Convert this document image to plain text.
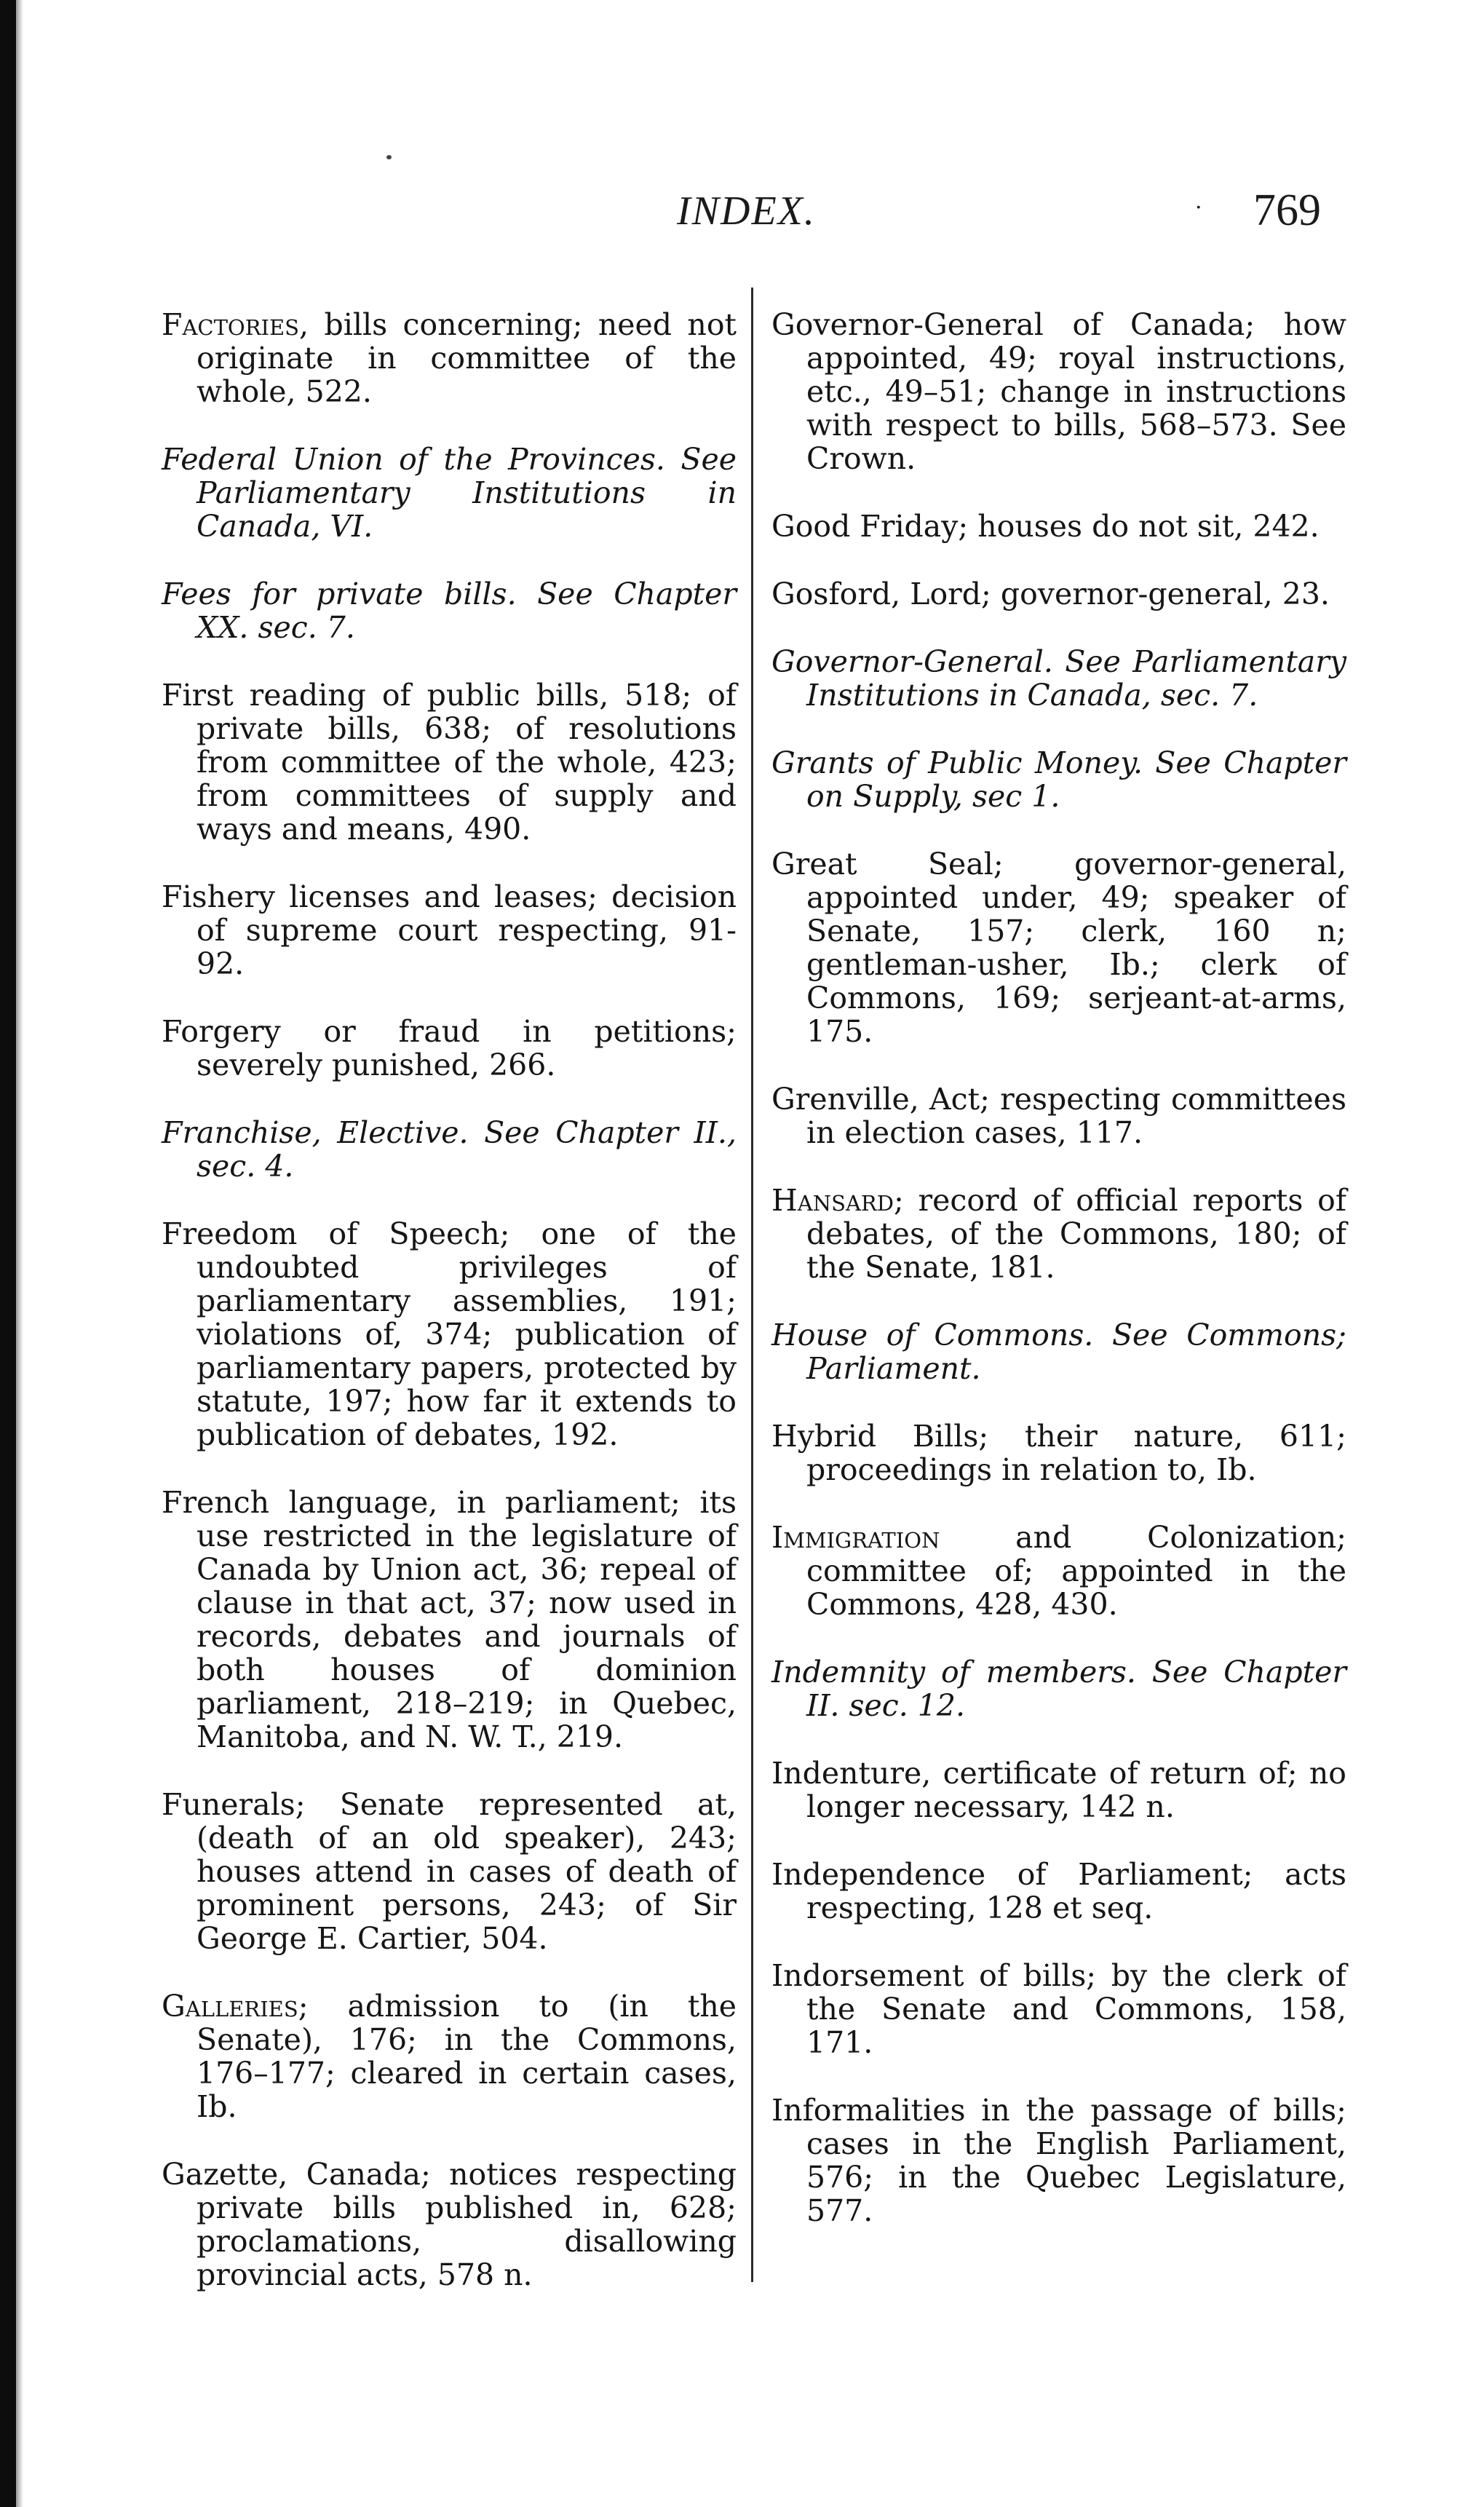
INDEX.	· 769

Factories, bills concerning; need not originate in committee of the whole, 522.

Federal Union of the Provinces. See Parliamentary Institutions in Canada, VI.

Fees for private bills. See Chapter XX. sec. 7.

First reading of public bills, 518; of private bills, 638; of resolutions from committee of the whole, 423; from committees of supply and ways and means, 490.

Fishery licenses and leases; decision of supreme court respecting, 91-92.

Forgery or fraud in petitions; severely punished, 266.

Franchise, Elective. See Chapter II., sec. 4.

Freedom of Speech; one of the undoubted privileges of parliamentary assemblies, 191; violations of, 374; publication of parliamentary papers, protected by statute, 197; how far it extends to publication of debates, 192.

French language, in parliament; its use restricted in the legislature of Canada by Union act, 36; repeal of clause in that act, 37; now used in records, debates and journals of both houses of dominion parliament, 218–219; in Quebec, Manitoba, and N. W. T., 219.

Funerals; Senate represented at, (death of an old speaker), 243; houses attend in cases of death of prominent persons, 243; of Sir George E. Cartier, 504.

Galleries; admission to (in the Senate), 176; in the Commons, 176–177; cleared in certain cases, Ib.

Gazette, Canada; notices respecting private bills published in, 628; proclamations, disallowing provincial acts, 578 n.

Governor-General of Canada; how appointed, 49; royal instructions, etc., 49–51; change in instructions with respect to bills, 568–573. See Crown.

Good Friday; houses do not sit, 242.

Gosford, Lord; governor-general, 23.

Governor-General. See Parliamentary Institutions in Canada, sec. 7.

Grants of Public Money. See Chapter on Supply, sec 1.

Great Seal; governor-general, appointed under, 49; speaker of Senate, 157; clerk, 160 n; gentleman-usher, Ib.; clerk of Commons, 169; serjeant-at-arms, 175.

Grenville, Act; respecting committees in election cases, 117.

Hansard; record of official reports of debates, of the Commons, 180; of the Senate, 181.

House of Commons. See Commons; Parliament.

Hybrid Bills; their nature, 611; proceedings in relation to, Ib.

Immigration and Colonization; committee of; appointed in the Commons, 428, 430.

Indemnity of members. See Chapter II. sec. 12.

Indenture, certificate of return of; no longer necessary, 142 n.

Independence of Parliament; acts respecting, 128 et seq.

Indorsement of bills; by the clerk of the Senate and Commons, 158, 171.

Informalities in the passage of bills; cases in the English Parliament, 576; in the Quebec Legislature, 577.
